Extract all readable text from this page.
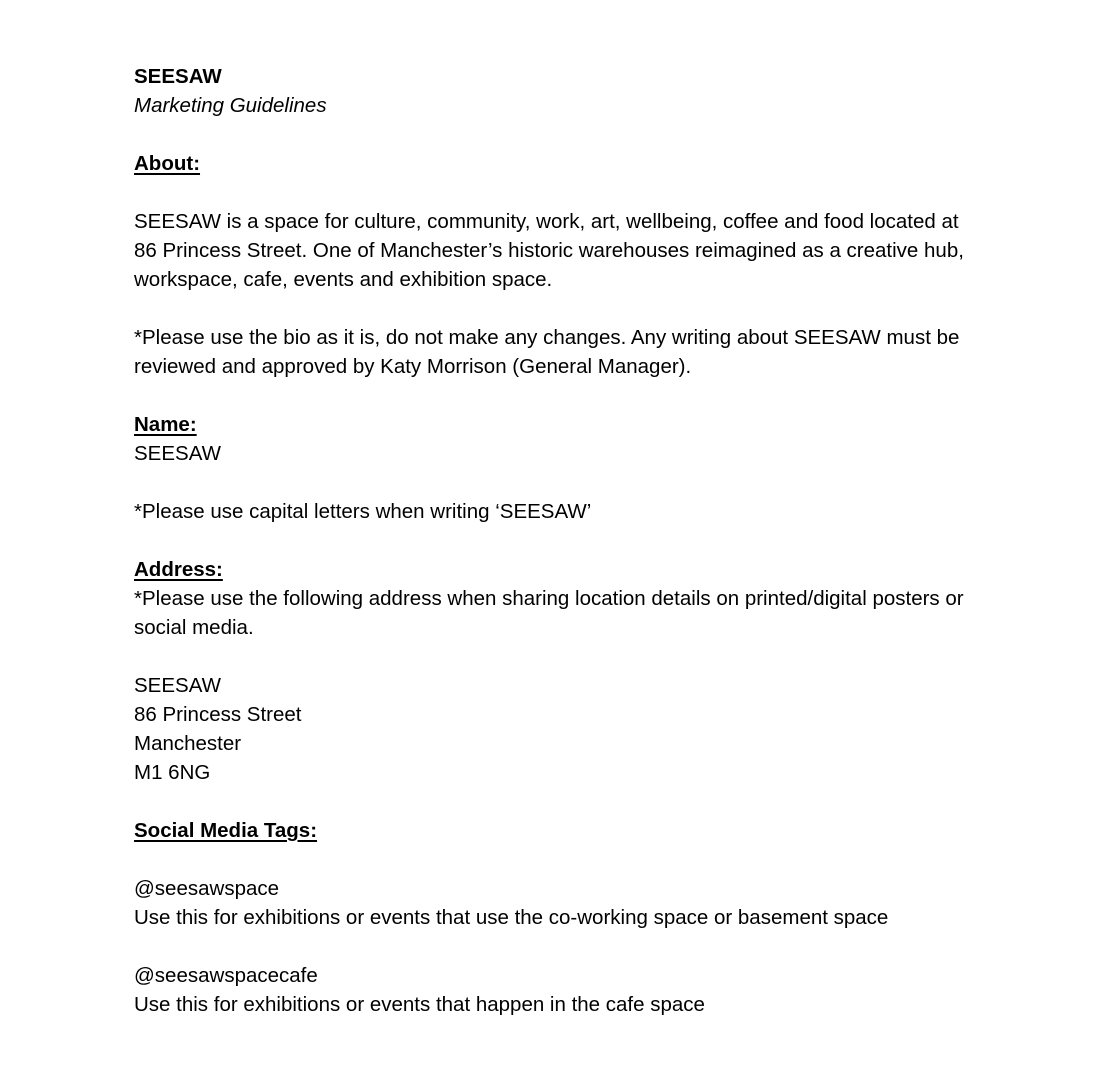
SEESAW
Marketing Guidelines
About:
SEESAW is a space for culture, community, work, art, wellbeing, coffee and food located at
86 Princess Street. One of Manchester’s historic warehouses reimagined as a creative hub,
workspace, cafe, events and exhibition space.
*Please use the bio as it is, do not make any changes. Any writing about SEESAW must be
reviewed and approved by Katy Morrison (General Manager).
Name:
SEESAW
*Please use capital letters when writing ‘SEESAW’
Address:
*Please use the following address when sharing location details on printed/digital posters or
social media.
SEESAW
86 Princess Street
Manchester
M1 6NG
Social Media Tags:
@seesawspace
Use this for exhibitions or events that use the co-working space or basement space
@seesawspacecafe
Use this for exhibitions or events that happen in the cafe space
